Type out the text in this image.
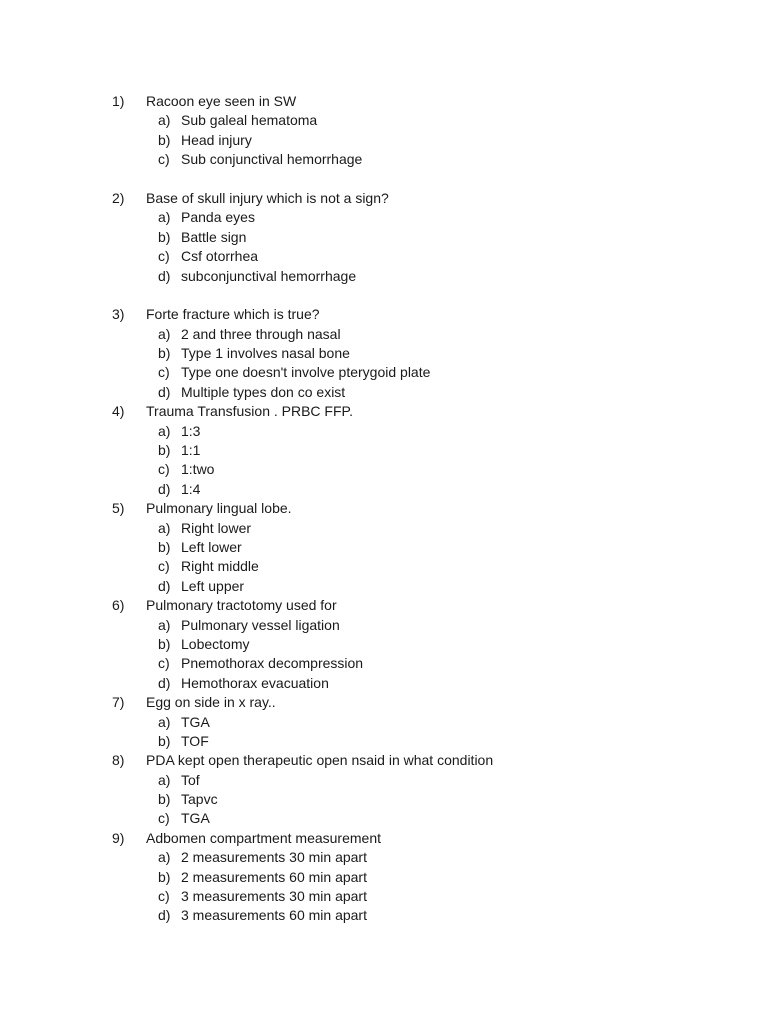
1)	Racoon eye seen in SW
a) Sub galeal hematoma
b) Head injury
c) Sub conjunctival hemorrhage
2)	Base of skull injury which is not a sign?
a) Panda eyes
b) Battle sign
c) Csf otorrhea
d) subconjunctival hemorrhage
3)	Forte fracture which is true?
a) 2 and three through nasal
b) Type 1 involves nasal bone
c) Type one doesn't involve pterygoid plate
d) Multiple types don co exist
4)	Trauma Transfusion . PRBC FFP.
a) 1:3
b) 1:1
c) 1:two
d) 1:4
5)	Pulmonary lingual lobe.
a) Right lower
b) Left lower
c) Right middle
d) Left upper
6)	Pulmonary tractotomy used for
a) Pulmonary vessel ligation
b) Lobectomy
c) Pnemothorax decompression
d) Hemothorax evacuation
7)	Egg on side in x ray..
a) TGA
b) TOF
8)	PDA kept open therapeutic open nsaid in what condition
a) Tof
b) Tapvc
c) TGA
9)	Adbomen compartment measurement
a) 2 measurements 30 min apart
b) 2 measurements 60 min apart
c) 3 measurements 30 min apart
d) 3 measurements 60 min apart
